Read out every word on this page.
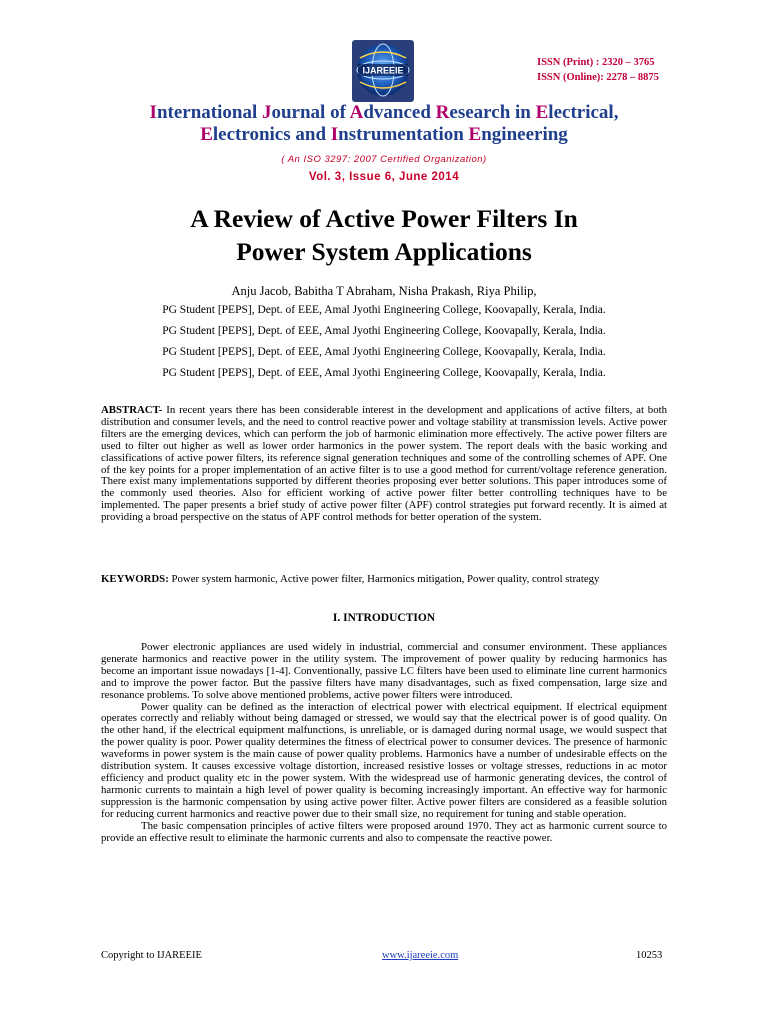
IJAREEIE
ISSN (Print) : 2320 – 3765
ISSN (Online): 2278 – 8875
International Journal of Advanced Research in Electrical,
Electronics and Instrumentation Engineering
( An ISO 3297: 2007 Certified Organization)
Vol. 3, Issue 6, June 2014
A Review of Active Power Filters In
Power System Applications
Anju Jacob, Babitha T Abraham, Nisha Prakash, Riya Philip,
PG Student [PEPS], Dept. of EEE, Amal Jyothi Engineering College, Koovapally, Kerala, India.
PG Student [PEPS], Dept. of EEE, Amal Jyothi Engineering College, Koovapally, Kerala, India.
PG Student [PEPS], Dept. of EEE, Amal Jyothi Engineering College, Koovapally, Kerala, India.
PG Student [PEPS], Dept. of EEE, Amal Jyothi Engineering College, Koovapally, Kerala, India.
ABSTRACT- In recent years there has been considerable interest in the development and applications of active filters, at both distribution and consumer levels, and the need to control reactive power and voltage stability at transmission levels. Active power filters are the emerging devices, which can perform the job of harmonic elimination more effectively. The active power filters are used to filter out higher as well as lower order harmonics in the power system. The report deals with the basic working and classifications of active power filters, its reference signal generation techniques and some of the controlling schemes of APF. One of the key points for a proper implementation of an active filter is to use a good method for current/voltage reference generation. There exist many implementations supported by different theories proposing ever better solutions. This paper introduces some of the commonly used theories. Also for efficient working of active power filter better controlling techniques have to be implemented. The paper presents a brief study of active power filter (APF) control strategies put forward recently. It is aimed at providing a broad perspective on the status of APF control methods for better operation of the system.
KEYWORDS: Power system harmonic, Active power filter, Harmonics mitigation, Power quality, control strategy
I. INTRODUCTION

Power electronic appliances are used widely in industrial, commercial and consumer environment. These appliances generate harmonics and reactive power in the utility system. The improvement of power quality by reducing harmonics has become an important issue nowadays [1-4]. Conventionally, passive LC filters have been used to eliminate line current harmonics and to improve the power factor. But the passive filters have many disadvantages, such as fixed compensation, large size and resonance problems. To solve above mentioned problems, active power filters were introduced.

Power quality can be defined as the interaction of electrical power with electrical equipment. If electrical equipment operates correctly and reliably without being damaged or stressed, we would say that the electrical power is of good quality. On the other hand, if the electrical equipment malfunctions, is unreliable, or is damaged during normal usage, we would suspect that the power quality is poor. Power quality determines the fitness of electrical power to consumer devices. The presence of harmonic waveforms in power system is the main cause of power quality problems. Harmonics have a number of undesirable effects on the distribution system. It causes excessive voltage distortion, increased resistive losses or voltage stresses, reductions in ac motor efficiency and product quality etc in the power system. With the widespread use of harmonic generating devices, the control of harmonic currents to maintain a high level of power quality is becoming increasingly important. An effective way for harmonic suppression is the harmonic compensation by using active power filter. Active power filters are considered as a feasible solution for reducing current harmonics and reactive power due to their small size, no requirement for tuning and stable operation.

The basic compensation principles of active filters were proposed around 1970. They act as harmonic current source to provide an effective result to eliminate the harmonic currents and also to compensate the reactive power.

Copyright to IJAREEIE	www.ijareeie.com	10253
